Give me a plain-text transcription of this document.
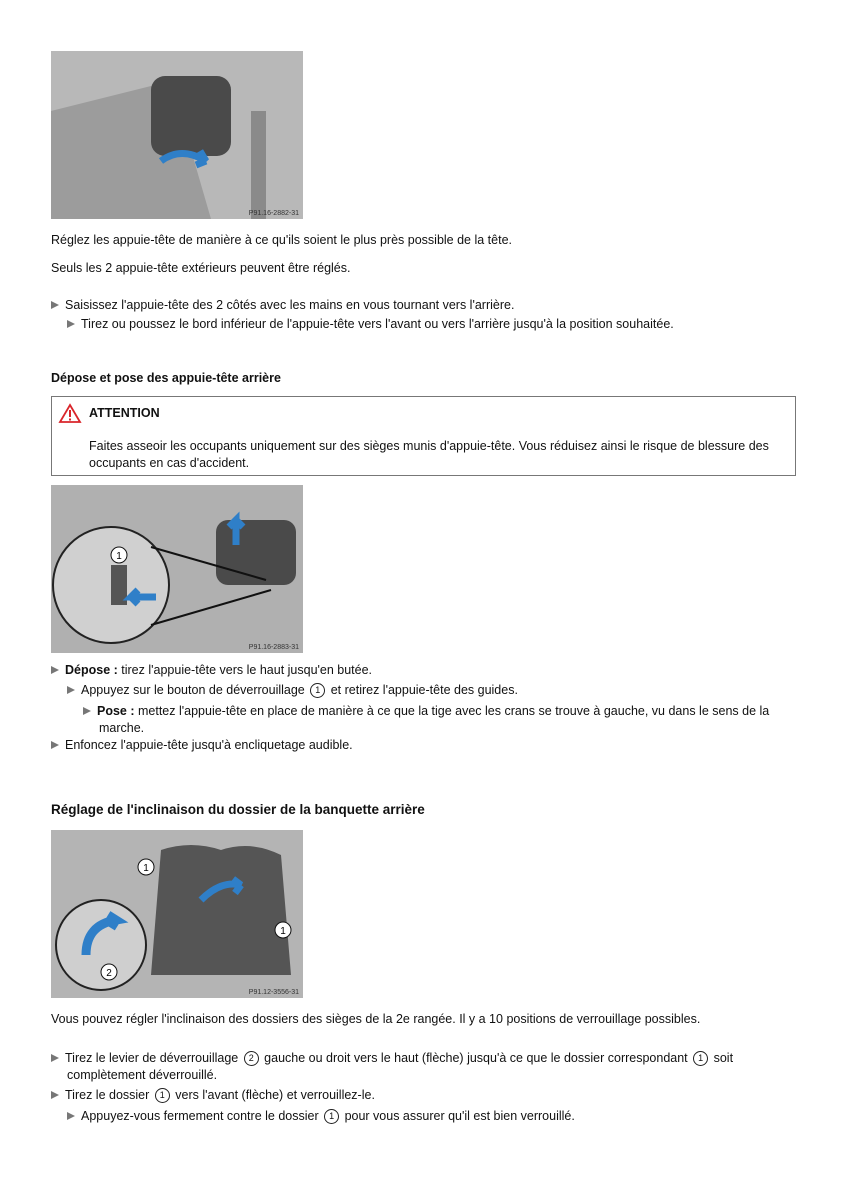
P91.16-2882-31
Réglez les appuie-tête de manière à ce qu'ils soient le plus près possible de la tête.
Seuls les 2 appuie-tête extérieurs peuvent être réglés.
Saisissez l'appuie-tête des 2 côtés avec les mains en vous tournant vers l'arrière.
Tirez ou poussez le bord inférieur de l'appuie-tête vers l'avant ou vers l'arrière jusqu'à la position souhaitée.
Dépose et pose des appuie-tête arrière
ATTENTION
Faites asseoir les occupants uniquement sur des sièges munis d'appuie-tête. Vous réduisez ainsi le risque de blessure des occupants en cas d'accident.
1
P91.16-2883-31
Dépose : tirez l'appuie-tête vers le haut jusqu'en butée.
Appuyez sur le bouton de déverrouillage 1 et retirez l'appuie-tête des guides.
Pose : mettez l'appuie-tête en place de manière à ce que la tige avec les crans se trouve à gauche, vu dans le sens de la marche.
Enfoncez l'appuie-tête jusqu'à encliquetage audible.
Réglage de l'inclinaison du dossier de la banquette arrière
1
1
2
P91.12-3556-31
Vous pouvez régler l'inclinaison des dossiers des sièges de la 2e rangée. Il y a 10 positions de verrouillage possibles.
Tirez le levier de déverrouillage 2 gauche ou droit vers le haut (flèche) jusqu'à ce que le dossier correspondant 1 soit complètement déverrouillé.
Tirez le dossier 1 vers l'avant (flèche) et verrouillez-le.
Appuyez-vous fermement contre le dossier 1 pour vous assurer qu'il est bien verrouillé.
